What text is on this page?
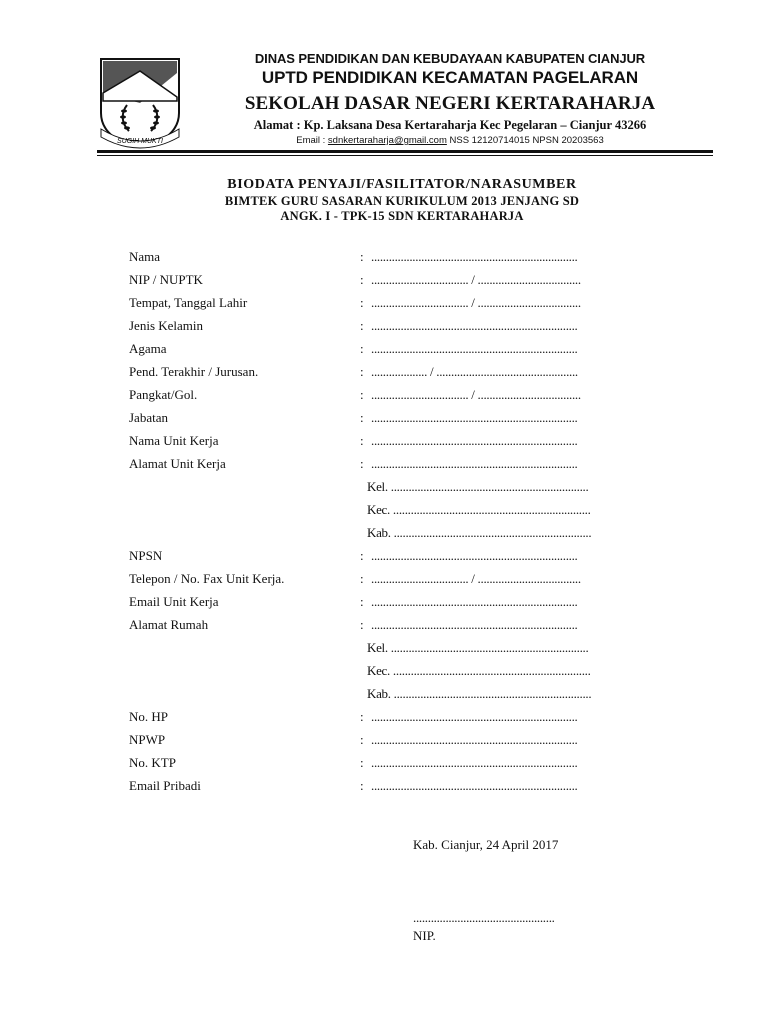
SUGIH MUKTI
DINAS PENDIDIKAN DAN KEBUDAYAAN KABUPATEN CIANJUR
UPTD PENDIDIKAN KECAMATAN PAGELARAN
SEKOLAH DASAR NEGERI KERTARAHARJA
Alamat : Kp. Laksana Desa Kertaraharja Kec Pegelaran – Cianjur 43266
Email : sdnkertaraharja@gmail.com NSS 12120714015 NPSN 20203563
BIODATA PENYAJI/FASILITATOR/NARASUMBER
BIMTEK GURU SASARAN KURIKULUM 2013 JENJANG SD
ANGK. I - TPK-15 SDN KERTARAHARJA
Nama	: ......................................................................
NIP / NUPTK	: ................................. / ...................................
Tempat, Tanggal Lahir	: ................................. / ...................................
Jenis Kelamin	: ......................................................................
Agama	: ......................................................................
Pend. Terakhir / Jurusan.	: ................... / ................................................
Pangkat/Gol.	: ................................. / ...................................
Jabatan	: ......................................................................
Nama Unit Kerja	: ......................................................................
Alamat Unit Kerja	: ......................................................................
Kel. ...................................................................
Kec. ...................................................................
Kab. ...................................................................
NPSN	: ......................................................................
Telepon / No. Fax Unit Kerja.	: ................................. / ...................................
Email Unit Kerja	: ......................................................................
Alamat Rumah	: ......................................................................
Kel. ...................................................................
Kec. ...................................................................
Kab. ...................................................................
No. HP	: ......................................................................
NPWP	: ......................................................................
No. KTP	: ......................................................................
Email Pribadi	: ......................................................................
Kab. Cianjur, 24 April 2017
................................................
NIP.
